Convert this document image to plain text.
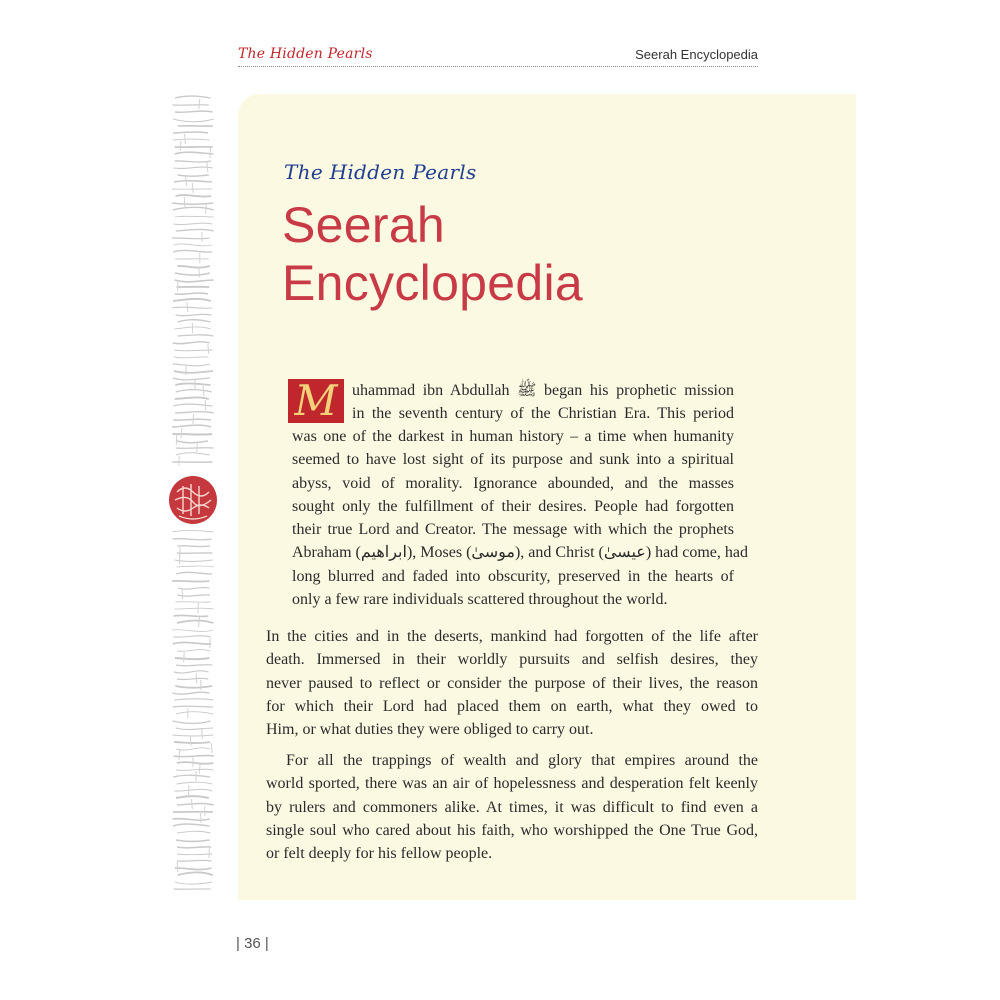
The Hidden Pearls	Seerah Encyclopedia
The Hidden Pearls
Seerah
Encyclopedia
M uhammad ibn Abdullah ﷺ began his prophetic mission
in the seventh century of the Christian Era. This period
was one of the darkest in human history – a time when humanity
seemed to have lost sight of its purpose and sunk into a spiritual
abyss, void of morality. Ignorance abounded, and the masses
sought only the fulfillment of their desires. People had forgotten
their true Lord and Creator. The message with which the prophets
Abraham (ابراهيم), Moses (موسىٰ), and Christ (عيسىٰ) had come, had
long blurred and faded into obscurity, preserved in the hearts of
only a few rare individuals scattered throughout the world.
In the cities and in the deserts, mankind had forgotten of the life after
death. Immersed in their worldly pursuits and selfish desires, they
never paused to reflect or consider the purpose of their lives, the reason
for which their Lord had placed them on earth, what they owed to
Him, or what duties they were obliged to carry out.
For all the trappings of wealth and glory that empires around the
world sported, there was an air of hopelessness and desperation felt keenly
by rulers and commoners alike. At times, it was difficult to find even a
single soul who cared about his faith, who worshipped the One True God,
or felt deeply for his fellow people.
| 36 |
